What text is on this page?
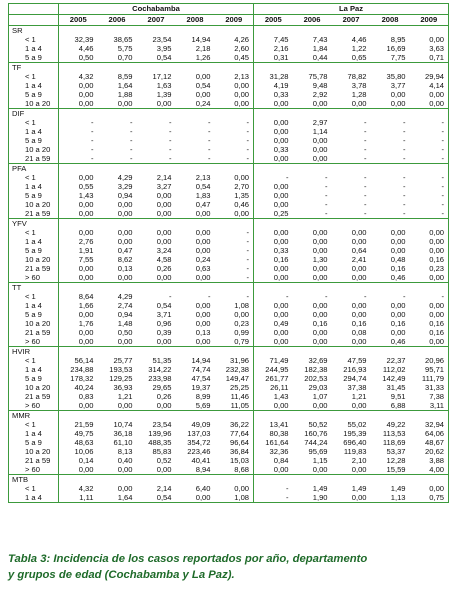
	Cochabamba					La Paz				
	2005	2006	2007	2008	2009	2005	2006	2007	2008	2009
SR										
< 1	32,39	38,65	23,54	14,94	4,26	7,45	7,43	4,46	8,95	0,00
1 a 4	4,46	5,75	3,95	2,18	2,60	2,16	1,84	1,22	16,69	3,63
5 a 9	0,50	0,70	0,54	1,26	0,45	0,31	0,44	0,65	7,75	0,71
TF										
< 1	4,32	8,59	17,12	0,00	2,13	31,28	75,78	78,82	35,80	29,94
1 a 4	0,00	1,64	1,63	0,54	0,00	4,19	9,48	3,78	3,77	4,14
5 a 9	0,00	1,88	1,39	0,00	0,00	0,33	2,92	1,28	0,00	0,00
10 a 20	0,00	0,00	0,00	0,24	0,00	0,00	0,00	0,00	0,00	0,00
DIF										
< 1	-	-	-	-	-	0,00	2,97	-	-	-
1 a 4	-	-	-	-	-	0,00	1,14	-	-	-
5 a 9	-	-	-	-	-	0,00	0,00	-	-	-
10 a 20	-	-	-	-	-	0,33	0,00	-	-	-
21 a 59	-	-	-	-	-	0,00	0,00	-	-	-
PFA										
< 1	0,00	4,29	2,14	2,13	0,00	-	-	-	-	-
1 a 4	0,55	3,29	3,27	0,54	2,70	0,00	-	-	-	-
5 a 9	1,43	0,94	0,00	1,83	1,35	0,00	-	-	-	-
10 a 20	0,00	0,00	0,00	0,47	0,46	0,00	-	-	-	-
21 a 59	0,00	0,00	0,00	0,00	0,00	0,25	-	-	-	-
YFV										
< 1	0,00	0,00	0,00	0,00	-	0,00	0,00	0,00	0,00	0,00
1 a 4	2,76	0,00	0,00	0,00	-	0,00	0,00	0,00	0,00	0,00
5 a 9	1,91	0,47	3,24	0,00	-	0,33	0,00	0,64	0,00	0,00
10 a 20	7,55	8,62	4,58	0,24	-	0,16	1,30	2,41	0,48	0,16
21 a 59	0,00	0,13	0,26	0,63	-	0,00	0,00	0,00	0,16	0,23
> 60	0,00	0,00	0,00	0,00	-	0,00	0,00	0,00	0,46	0,00
TT										
< 1	8,64	4,29	-	-	-	-	-	-	-	-
1 a 4	1,66	2,74	0,54	0,00	1,08	0,00	0,00	0,00	0,00	0,00
5 a 9	0,00	0,94	3,71	0,00	0,00	0,00	0,00	0,00	0,00	0,00
10 a 20	1,76	1,48	0,96	0,00	0,23	0,49	0,16	0,16	0,16	0,16
21 a 59	0,00	0,50	0,39	0,13	0,99	0,00	0,00	0,08	0,00	0,16
> 60	0,00	0,00	0,00	0,00	0,79	0,00	0,00	0,00	0,46	0,00
HVIR										
< 1	56,14	25,77	51,35	14,94	31,96	71,49	32,69	47,59	22,37	20,96
1 a 4	234,88	193,53	314,22	74,74	232,38	244,95	182,38	216,93	112,02	95,71
5 a 9	178,32	129,25	233,98	47,54	149,47	261,77	202,53	294,74	142,49	111,79
10 a 20	40,24	36,93	29,65	19,37	25,25	26,11	29,03	37,38	31,45	31,33
21 a 59	0,83	1,21	0,26	8,99	11,46	1,43	1,07	1,21	9,51	7,38
> 60	0,00	0,00	0,00	5,69	11,05	0,00	0,00	0,00	6,88	3,11
MMR										
< 1	21,59	10,74	23,54	49,09	36,22	13,41	50,52	55,02	49,22	32,94
1 a 4	49,75	36,18	139,96	137,03	77,64	80,38	160,76	195,39	113,53	64,06
5 a 9	48,63	61,10	488,35	354,72	96,64	161,64	744,24	696,40	118,69	48,67
10 a 20	10,06	8,13	85,83	223,46	36,84	32,36	95,69	119,83	53,37	20,62
21 a 59	0,14	0,40	0,52	40,41	15,03	0,84	1,15	2,10	12,28	3,88
> 60	0,00	0,00	0,00	8,94	8,68	0,00	0,00	0,00	15,59	4,00
MTB										
< 1	4,32	0,00	2,14	6,40	0,00	-	1,49	1,49	1,49	0,00
1 a 4	1,11	1,64	0,54	0,00	1,08	-	1,90	0,00	1,13	0,75
Tabla 3: Incidencia de los casos reportados por año, departamento
y grupos de edad (Cochabamba y La Paz).
